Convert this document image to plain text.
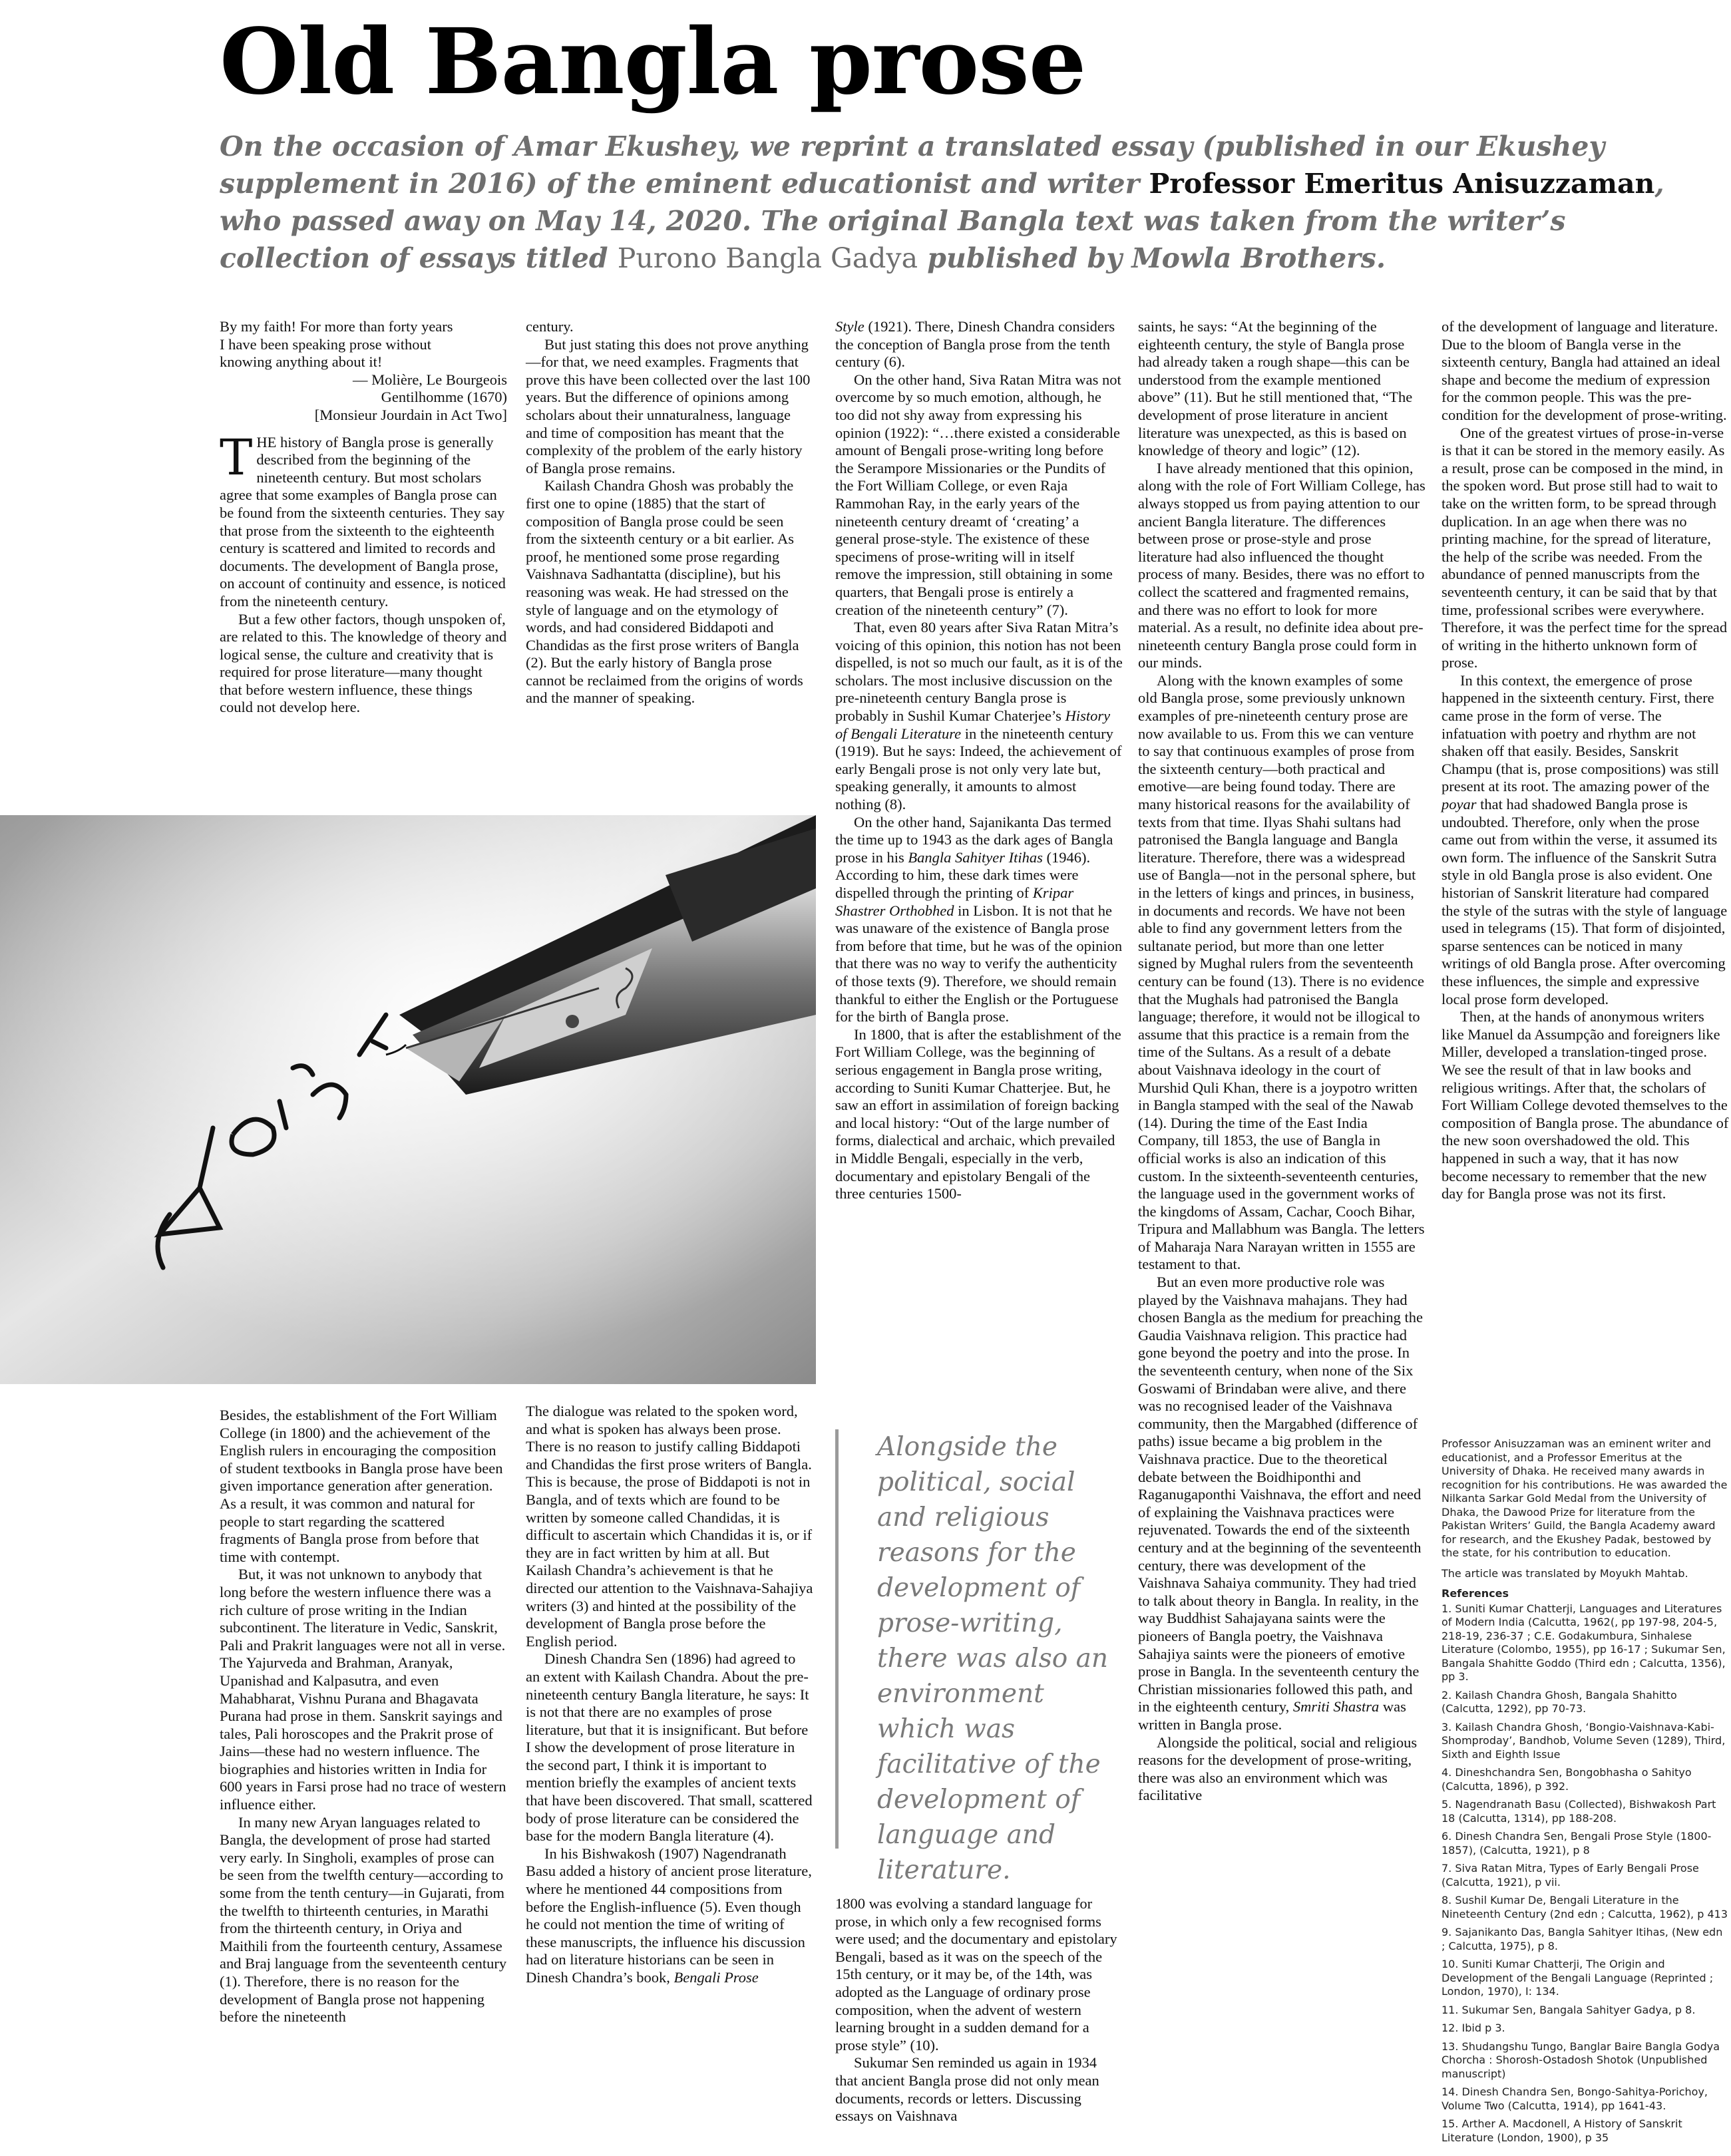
Old Bangla prose

On the occasion of Amar Ekushey, we reprint a translated essay (published in our Ekushey supplement in 2016) of the eminent educationist and writer Professor Emeritus Anisuzzaman, who passed away on May 14, 2020. The original Bangla text was taken from the writer’s collection of essays titled Purono Bangla Gadya published by Mowla Brothers.

By my faith! For more than forty years
I have been speaking prose without
knowing anything about it!
— Molière, Le Bourgeois
Gentilhomme (1670)
[Monsieur Jourdain in Act Two]

THE history of Bangla prose is generally described from the beginning of the nineteenth century. But most scholars agree that some examples of Bangla prose can be found from the sixteenth centuries. They say that prose from the sixteenth to the eighteenth century is scattered and limited to records and documents. The development of Bangla prose, on account of continuity and essence, is noticed from the nineteenth century.

But a few other factors, though unspoken of, are related to this. The knowledge of theory and logical sense, the culture and creativity that is required for prose literature—many thought that before western influence, these things could not develop here.

century.

But just stating this does not prove anything—for that, we need examples. Fragments that prove this have been collected over the last 100 years. But the difference of opinions among scholars about their unnaturalness, language and time of composition has meant that the complexity of the problem of the early history of Bangla prose remains.

Kailash Chandra Ghosh was probably the first one to opine (1885) that the start of composition of Bangla prose could be seen from the sixteenth century or a bit earlier. As proof, he mentioned some prose regarding Vaishnava Sadhantatta (discipline), but his reasoning was weak. He had stressed on the style of language and on the etymology of words, and had considered Biddapoti and Chandidas as the first prose writers of Bangla (2). But the early history of Bangla prose cannot be reclaimed from the origins of words and the manner of speaking.

Style (1921). There, Dinesh Chandra considers the conception of Bangla prose from the tenth century (6).

On the other hand, Siva Ratan Mitra was not overcome by so much emotion, although, he too did not shy away from expressing his opinion (1922): “…there existed a considerable amount of Bengali prose-writing long before the Serampore Missionaries or the Pundits of the Fort William College, or even Raja Rammohan Ray, in the early years of the nineteenth century dreamt of ‘creating’ a general prose-style. The existence of these specimens of prose-writing will in itself remove the impression, still obtaining in some quarters, that Bengali prose is entirely a creation of the nineteenth century” (7).

That, even 80 years after Siva Ratan Mitra’s voicing of this opinion, this notion has not been dispelled, is not so much our fault, as it is of the scholars. The most inclusive discussion on the pre-nineteenth century Bangla prose is probably in Sushil Kumar Chaterjee’s History of Bengali Literature in the nineteenth century (1919). But he says: Indeed, the achievement of early Bengali prose is not only very late but, speaking generally, it amounts to almost nothing (8).

On the other hand, Sajanikanta Das termed the time up to 1943 as the dark ages of Bangla prose in his Bangla Sahityer Itihas (1946). According to him, these dark times were dispelled through the printing of Kripar Shastrer Orthobhed in Lisbon. It is not that he was unaware of the existence of Bangla prose from before that time, but he was of the opinion that there was no way to verify the authenticity of those texts (9). Therefore, we should remain thankful to either the English or the Portuguese for the birth of Bangla prose.

In 1800, that is after the establishment of the Fort William College, was the beginning of serious engagement in Bangla prose writing, according to Suniti Kumar Chatterjee. But, he saw an effort in assimilation of foreign backing and local history: “Out of the large number of forms, dialectical and archaic, which prevailed in Middle Bengali, especially in the verb, documentary and epistolary Bengali of the three centuries 1500-

saints, he says: “At the beginning of the eighteenth century, the style of Bangla prose had already taken a rough shape—this can be understood from the example mentioned above” (11). But he still mentioned that, “The development of prose literature in ancient literature was unexpected, as this is based on knowledge of theory and logic” (12).

I have already mentioned that this opinion, along with the role of Fort William College, has always stopped us from paying attention to our ancient Bangla literature. The differences between prose or prose-style and prose literature had also influenced the thought process of many. Besides, there was no effort to collect the scattered and fragmented remains, and there was no effort to look for more material. As a result, no definite idea about pre-nineteenth century Bangla prose could form in our minds.

Along with the known examples of some old Bangla prose, some previously unknown examples of pre-nineteenth century prose are now available to us. From this we can venture to say that continuous examples of prose from the sixteenth century—both practical and emotive—are being found today. There are many historical reasons for the availability of texts from that time. Ilyas Shahi sultans had patronised the Bangla language and Bangla literature. Therefore, there was a widespread use of Bangla—not in the personal sphere, but in the letters of kings and princes, in business, in documents and records. We have not been able to find any government letters from the sultanate period, but more than one letter signed by Mughal rulers from the seventeenth century can be found (13). There is no evidence that the Mughals had patronised the Bangla language; therefore, it would not be illogical to assume that this practice is a remain from the time of the Sultans. As a result of a debate about Vaishnava ideology in the court of Murshid Quli Khan, there is a joypotro written in Bangla stamped with the seal of the Nawab (14). During the time of the East India Company, till 1853, the use of Bangla in official works is also an indication of this custom. In the sixteenth-seventeenth centuries, the language used in the government works of the kingdoms of Assam, Cachar, Cooch Bihar, Tripura and Mallabhum was Bangla. The letters of Maharaja Nara Narayan written in 1555 are testament to that.

But an even more productive role was played by the Vaishnava mahajans. They had chosen Bangla as the medium for preaching the Gaudia Vaishnava religion. This practice had gone beyond the poetry and into the prose. In the seventeenth century, when none of the Six Goswami of Brindaban were alive, and there was no recognised leader of the Vaishnava community, then the Margabhed (difference of paths) issue became a big problem in the Vaishnava practice. Due to the theoretical debate between the Boidhiponthi and Raganugaponthi Vaishnava, the effort and need of explaining the Vaishnava practices were rejuvenated. Towards the end of the sixteenth century and at the beginning of the seventeenth century, there was development of the Vaishnava Sahaiya community. They had tried to talk about theory in Bangla. In reality, in the way Buddhist Sahajayana saints were the pioneers of Bangla poetry, the Vaishnava Sahajiya saints were the pioneers of emotive prose in Bangla. In the seventeenth century the Christian missionaries followed this path, and in the eighteenth century, Smriti Shastra was written in Bangla prose.

Alongside the political, social and religious reasons for the development of prose-writing, there was also an environment which was facilitative

of the development of language and literature. Due to the bloom of Bangla verse in the sixteenth century, Bangla had attained an ideal shape and become the medium of expression for the common people. This was the pre-condition for the development of prose-writing.

One of the greatest virtues of prose-in-verse is that it can be stored in the memory easily. As a result, prose can be composed in the mind, in the spoken word. But prose still had to wait to take on the written form, to be spread through duplication. In an age when there was no printing machine, for the spread of literature, the help of the scribe was needed. From the abundance of penned manuscripts from the seventeenth century, it can be said that by that time, professional scribes were everywhere. Therefore, it was the perfect time for the spread of writing in the hitherto unknown form of prose.

In this context, the emergence of prose happened in the sixteenth century. First, there came prose in the form of verse. The infatuation with poetry and rhythm are not shaken off that easily. Besides, Sanskrit Champu (that is, prose compositions) was still present at its root. The amazing power of the poyar that had shadowed Bangla prose is undoubted. Therefore, only when the prose came out from within the verse, it assumed its own form. The influence of the Sanskrit Sutra style in old Bangla prose is also evident. One historian of Sanskrit literature had compared the style of the sutras with the style of language used in telegrams (15). That form of disjointed, sparse sentences can be noticed in many writings of old Bangla prose. After overcoming these influences, the simple and expressive local prose form developed.

Then, at the hands of anonymous writers like Manuel da Assumpção and foreigners like Miller, developed a translation-tinged prose. We see the result of that in law books and religious writings. After that, the scholars of Fort William College devoted themselves to the composition of Bangla prose. The abundance of the new soon overshadowed the old. This happened in such a way, that it has now become necessary to remember that the new day for Bangla prose was not its first.

Besides, the establishment of the Fort William College (in 1800) and the achievement of the English rulers in encouraging the composition of student textbooks in Bangla prose have been given importance generation after generation. As a result, it was common and natural for people to start regarding the scattered fragments of Bangla prose from before that time with contempt.

But, it was not unknown to anybody that long before the western influence there was a rich culture of prose writing in the Indian subcontinent. The literature in Vedic, Sanskrit, Pali and Prakrit languages were not all in verse. The Yajurveda and Brahman, Aranyak, Upanishad and Kalpasutra, and even Mahabharat, Vishnu Purana and Bhagavata Purana had prose in them. Sanskrit sayings and tales, Pali horoscopes and the Prakrit prose of Jains—these had no western influence. The biographies and histories written in India for 600 years in Farsi prose had no trace of western influence either.

In many new Aryan languages related to Bangla, the development of prose had started very early. In Singholi, examples of prose can be seen from the twelfth century—according to some from the tenth century—in Gujarati, from the twelfth to thirteenth centuries, in Marathi from the thirteenth century, in Oriya and Maithili from the fourteenth century, Assamese and Braj language from the seventeenth century (1). Therefore, there is no reason for the development of Bangla prose not happening before the nineteenth

The dialogue was related to the spoken word, and what is spoken has always been prose. There is no reason to justify calling Biddapoti and Chandidas the first prose writers of Bangla. This is because, the prose of Biddapoti is not in Bangla, and of texts which are found to be written by someone called Chandidas, it is difficult to ascertain which Chandidas it is, or if they are in fact written by him at all. But Kailash Chandra’s achievement is that he directed our attention to the Vaishnava-Sahajiya writers (3) and hinted at the possibility of the development of Bangla prose before the English period.

Dinesh Chandra Sen (1896) had agreed to an extent with Kailash Chandra. About the pre-nineteenth century Bangla literature, he says: It is not that there are no examples of prose literature, but that it is insignificant. But before I show the development of prose literature in the second part, I think it is important to mention briefly the examples of ancient texts that have been discovered. That small, scattered body of prose literature can be considered the base for the modern Bangla literature (4).

In his Bishwakosh (1907) Nagendranath Basu added a history of ancient prose literature, where he mentioned 44 compositions from before the English-influence (5). Even though he could not mention the time of writing of these manuscripts, the influence his discussion had on literature historians can be seen in Dinesh Chandra’s book, Bengali Prose

Alongside the political, social and religious reasons for the development of prose-writing, there was also an environment which was facilitative of the development of language and literature.

1800 was evolving a standard language for prose, in which only a few recognised forms were used; and the documentary and epistolary Bengali, based as it was on the speech of the 15th century, or it may be, of the 14th, was adopted as the Language of ordinary prose composition, when the advent of western learning brought in a sudden demand for a prose style” (10).

Sukumar Sen reminded us again in 1934 that ancient Bangla prose did not only mean documents, records or letters. Discussing essays on Vaishnava

Professor Anisuzzaman was an eminent writer and educationist, and a Professor Emeritus at the University of Dhaka. He received many awards in recognition for his contributions. He was awarded the Nilkanta Sarkar Gold Medal from the University of Dhaka, the Dawood Prize for literature from the Pakistan Writers’ Guild, the Bangla Academy award for research, and the Ekushey Padak, bestowed by the state, for his contribution to education.

The article was translated by Moyukh Mahtab.

References
1. Suniti Kumar Chatterji, Languages and Literatures of Modern India (Calcutta, 1962(, pp 197-98, 204-5, 218-19, 236-37 ; C.E. Godakumbura, Sinhalese Literature (Colombo, 1955), pp 16-17 ; Sukumar Sen, Bangala Shahitte Goddo (Third edn ; Calcutta, 1356), pp 3.
2. Kailash Chandra Ghosh, Bangala Shahitto (Calcutta, 1292), pp 70-73.
3. Kailash Chandra Ghosh, ‘Bongio-Vaishnava-Kabi-Shomproday’, Bandhob, Volume Seven (1289), Third, Sixth and Eighth Issue
4. Dineshchandra Sen, Bongobhasha o Sahityo (Calcutta, 1896), p 392.
5. Nagendranath Basu (Collected), Bishwakosh Part 18 (Calcutta, 1314), pp 188-208.
6. Dinesh Chandra Sen, Bengali Prose Style (1800-1857), (Calcutta, 1921), p 8
7. Siva Ratan Mitra, Types of Early Bengali Prose (Calcutta, 1921), p vii.
8. Sushil Kumar De, Bengali Literature in the Nineteenth Century (2nd edn ; Calcutta, 1962), p 413
9. Sajanikanto Das, Bangla Sahityer Itihas, (New edn ; Calcutta, 1975), p 8.
10. Suniti Kumar Chatterji, The Origin and Development of the Bengali Language (Reprinted ; London, 1970), I: 134.
11. Sukumar Sen, Bangala Sahityer Gadya, p 8.
12. Ibid p 3.
13. Shudangshu Tungo, Banglar Baire Bangla Godya Chorcha : Shorosh-Ostadosh Shotok (Unpublished manuscript)
14. Dinesh Chandra Sen, Bongo-Sahitya-Porichoy, Volume Two (Calcutta, 1914), pp 1641-43.
15. Arther A. Macdonell, A History of Sanskrit Literature (London, 1900), p 35
